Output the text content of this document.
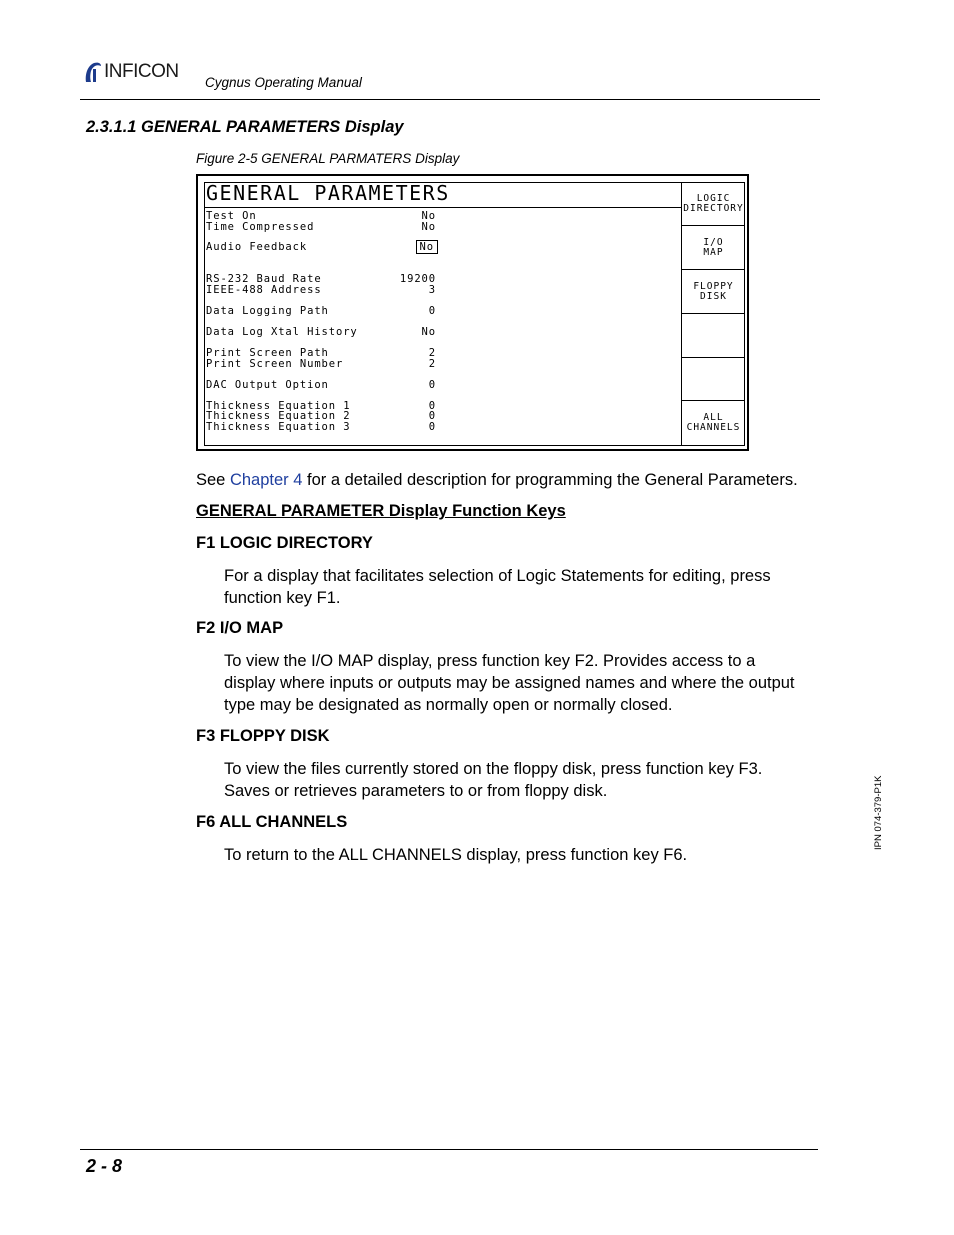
INFICON
Cygnus Operating Manual
2.3.1.1 GENERAL PARAMETERS Display
Figure 2-5 GENERAL PARMATERS Display
GENERAL PARAMETERS
Test On	No
Time Compressed	No
Audio Feedback	No
RS-232 Baud Rate	19200
IEEE-488 Address	3
Data Logging Path	0
Data Log Xtal History	No
Print Screen Path	2
Print Screen Number	2
DAC Output Option	0
Thickness Equation 1	0
Thickness Equation 2	0
Thickness Equation 3	0
LOGIC
DIRECTORY
I/O
MAP
FLOPPY
DISK
ALL
CHANNELS
See Chapter 4 for a detailed description for programming the General Parameters.
GENERAL PARAMETER Display Function Keys
F1 LOGIC DIRECTORY
For a display that facilitates selection of Logic Statements for editing, press
function key F1.
F2 I/O MAP
To view the I/O MAP display, press function key F2. Provides access to a
display where inputs or outputs may be assigned names and where the output
type may be designated as normally open or normally closed.
F3 FLOPPY DISK
To view the files currently stored on the floppy disk, press function key F3.
Saves or retrieves parameters to or from floppy disk.
F6 ALL CHANNELS
To return to the ALL CHANNELS display, press function key F6.
IPN 074-379-P1K
2 - 8
